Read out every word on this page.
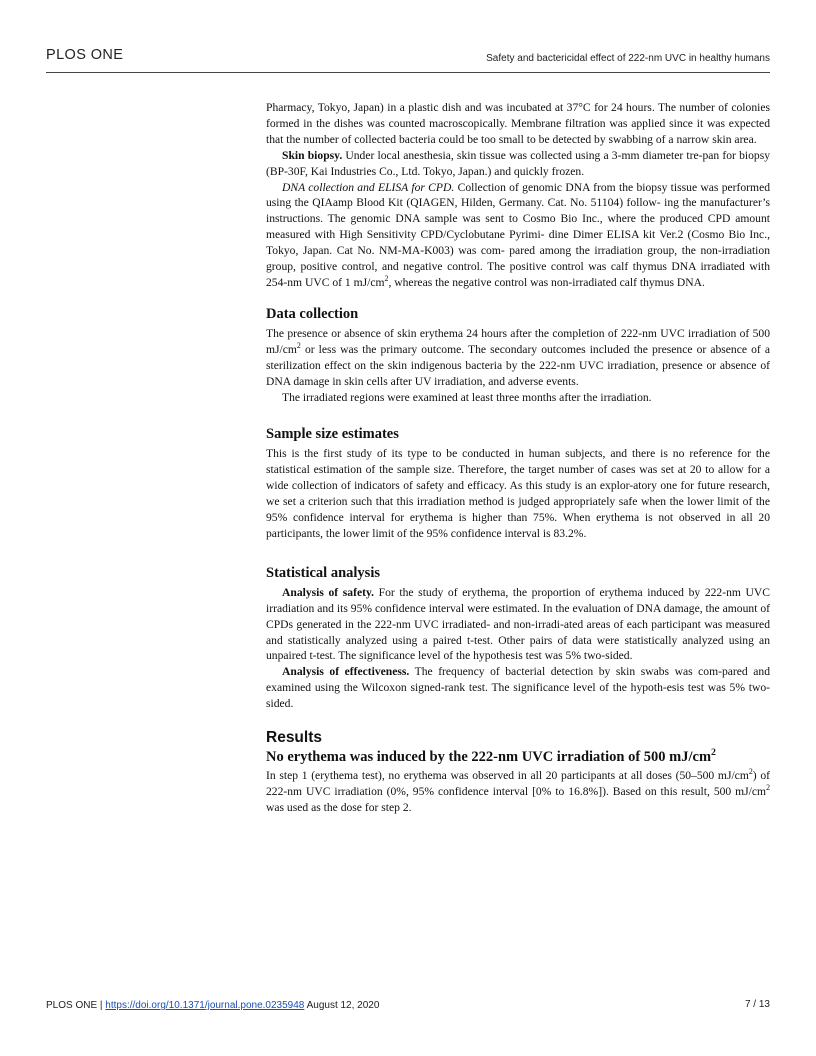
PLOS ONE	Safety and bactericidal effect of 222-nm UVC in healthy humans

Pharmacy, Tokyo, Japan) in a plastic dish and was incubated at 37°C for 24 hours. The number of colonies formed in the dishes was counted macroscopically. Membrane filtration was applied since it was expected that the number of collected bacteria could be too small to be detected by swabbing of a narrow skin area.

Skin biopsy. Under local anesthesia, skin tissue was collected using a 3-mm diameter tre-pan for biopsy (BP-30F, Kai Industries Co., Ltd. Tokyo, Japan.) and quickly frozen.

DNA collection and ELISA for CPD. Collection of genomic DNA from the biopsy tissue was performed using the QIAamp Blood Kit (QIAGEN, Hilden, Germany. Cat. No. 51104) follow- ing the manufacturer’s instructions. The genomic DNA sample was sent to Cosmo Bio Inc., where the produced CPD amount measured with High Sensitivity CPD/Cyclobutane Pyrimi- dine Dimer ELISA kit Ver.2 (Cosmo Bio Inc., Tokyo, Japan. Cat No. NM-MA-K003) was com- pared among the irradiation group, the non-irradiation group, positive control, and negative control. The positive control was calf thymus DNA irradiated with 254-nm UVC of 1 $mJ/cm^2$, whereas the negative control was non-irradiated calf thymus DNA.

Data collection

The presence or absence of skin erythema 24 hours after the completion of 222-nm UVC irradiation of 500 $mJ/cm^2$ or less was the primary outcome. The secondary outcomes included the presence or absence of a sterilization effect on the skin indigenous bacteria by the 222-nm UVC irradiation, presence or absence of DNA damage in skin cells after UV irradiation, and adverse events.

The irradiated regions were examined at least three months after the irradiation.

Sample size estimates

This is the first study of its type to be conducted in human subjects, and there is no reference for the statistical estimation of the sample size. Therefore, the target number of cases was set at 20 to allow for a wide collection of indicators of safety and efficacy. As this study is an explor-atory one for future research, we set a criterion such that this irradiation method is judged appropriately safe when the lower limit of the 95% confidence interval for erythema is higher than 75%. When erythema is not observed in all 20 participants, the lower limit of the 95% confidence interval is 83.2%.

Statistical analysis

Analysis of safety. For the study of erythema, the proportion of erythema induced by 222-nm UVC irradiation and its 95% confidence interval were estimated. In the evaluation of DNA damage, the amount of CPDs generated in the 222-nm UVC irradiated- and non-irradi-ated areas of each participant was measured and statistically analyzed using a paired t-test. Other pairs of data were statistically analyzed using an unpaired t-test. The significance level of the hypothesis test was 5% two-sided.

Analysis of effectiveness. The frequency of bacterial detection by skin swabs was com-pared and examined using the Wilcoxon signed-rank test. The significance level of the hypoth-esis test was 5% two-sided.

Results
No erythema was induced by the 222-nm UVC irradiation of 500 $mJ/cm^2$

In step 1 (erythema test), no erythema was observed in all 20 participants at all doses (50–500 $mJ/cm^2$) of 222-nm UVC irradiation (0%, 95% confidence interval [0% to 16.8%]). Based on this result, 500 $mJ/cm^2$ was used as the dose for step 2.

PLOS ONE | https://doi.org/10.1371/journal.pone.0235948 August 12, 2020	7 / 13
